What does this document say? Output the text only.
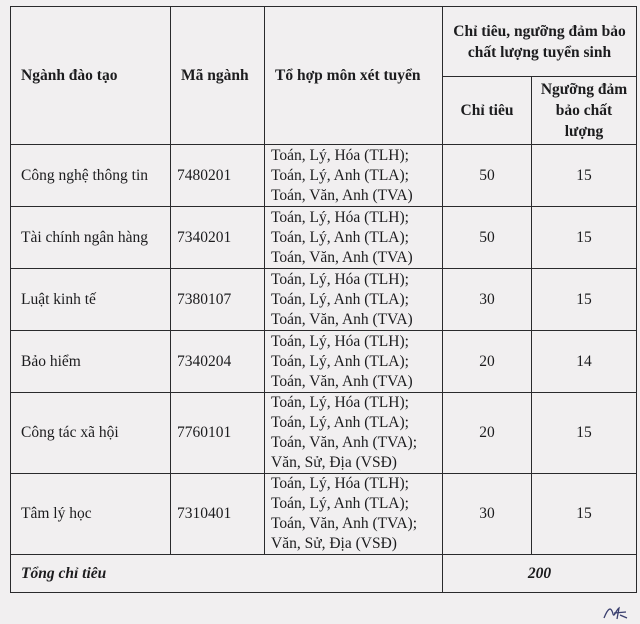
Ngành đào tạo	Mã ngành	Tổ hợp môn xét tuyển	Chỉ tiêu, ngưỡng đảm bảo chất lượng tuyển sinh	
			Chỉ tiêu	Ngưỡng đảm bảo chất lượng
Công nghệ thông tin	7480201	Toán, Lý, Hóa (TLH);
Toán, Lý, Anh (TLA);
Toán, Văn, Anh (TVA)	50	15
Tài chính ngân hàng	7340201	Toán, Lý, Hóa (TLH);
Toán, Lý, Anh (TLA);
Toán, Văn, Anh (TVA)	50	15
Luật kinh tế	7380107	Toán, Lý, Hóa (TLH);
Toán, Lý, Anh (TLA);
Toán, Văn, Anh (TVA)	30	15
Bảo hiểm	7340204	Toán, Lý, Hóa (TLH);
Toán, Lý, Anh (TLA);
Toán, Văn, Anh (TVA)	20	14
Công tác xã hội	7760101	Toán, Lý, Hóa (TLH);
Toán, Lý, Anh (TLA);
Toán, Văn, Anh (TVA);
Văn, Sử, Địa (VSĐ)	20	15
Tâm lý học	7310401	Toán, Lý, Hóa (TLH);
Toán, Lý, Anh (TLA);
Toán, Văn, Anh (TVA);
Văn, Sử, Địa (VSĐ)	30	15
Tổng chỉ tiêu			200	
